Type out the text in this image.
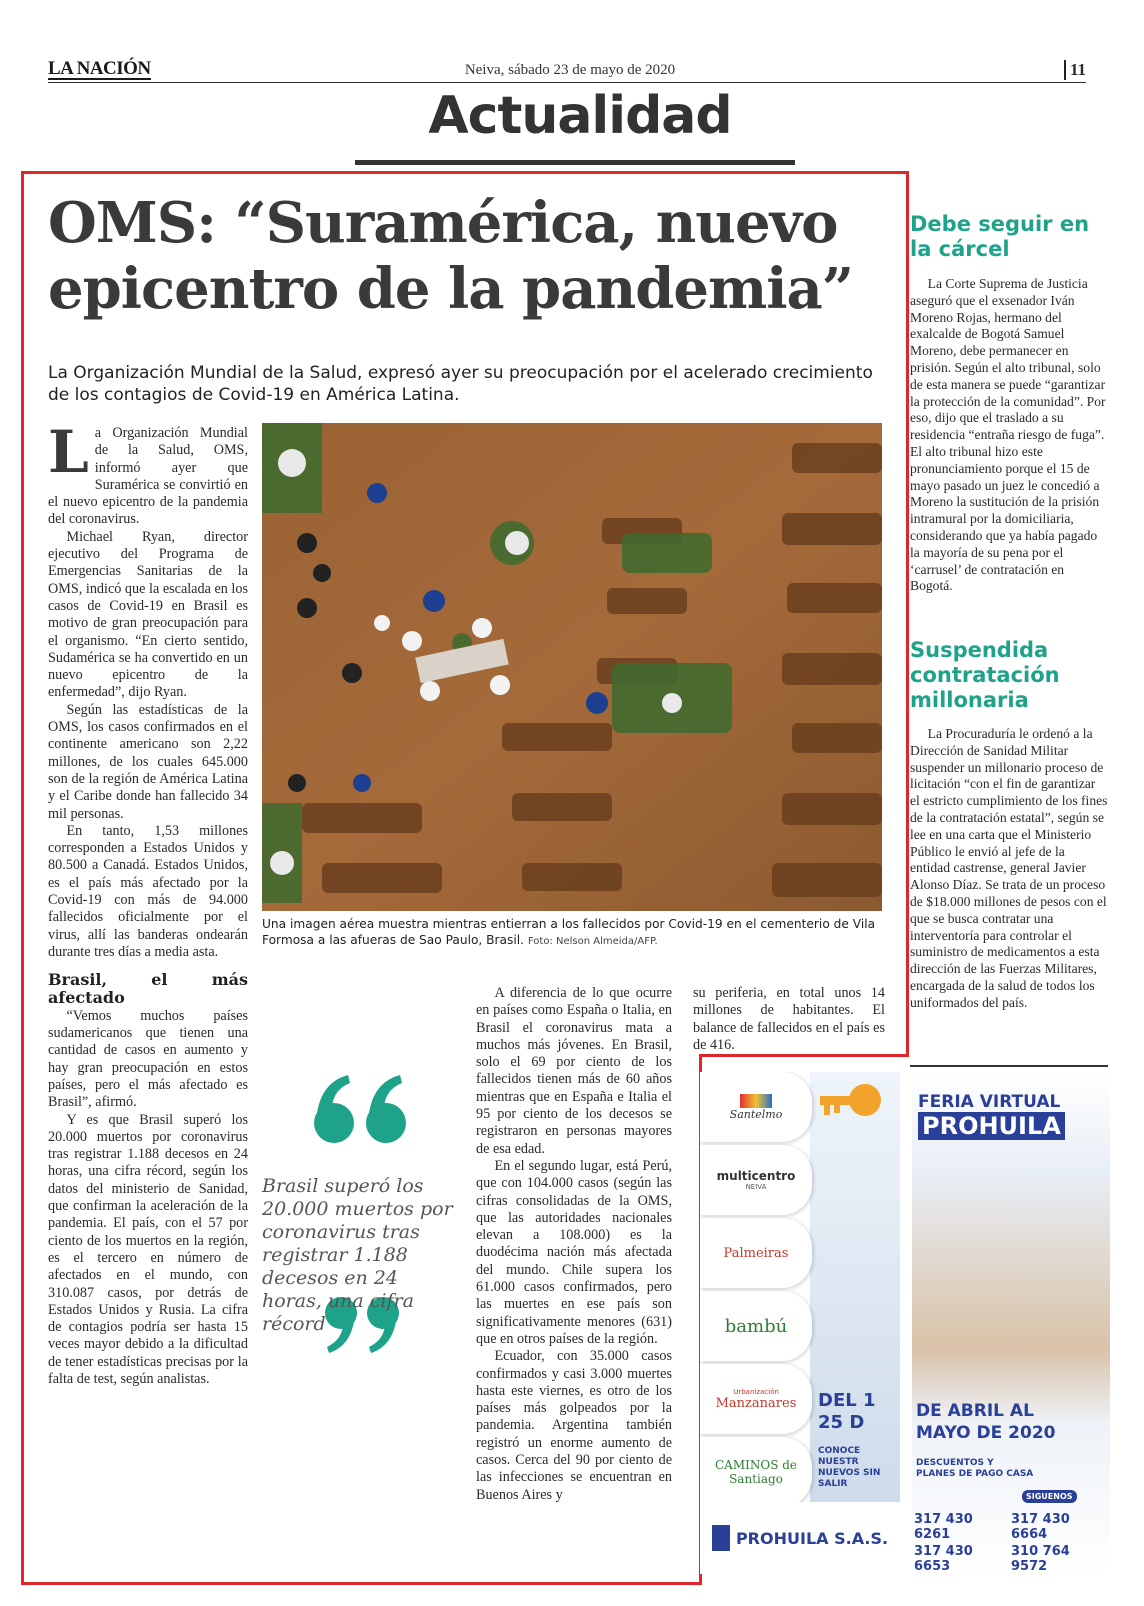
LA NACIÓN	Neiva, sábado 23 de mayo de 2020	11
Actualidad
OMS: “Suramérica, nuevo epicentro de la pandemia”
La Organización Mundial de la Salud, expresó ayer su preocupación por el acelerado crecimiento de los contagios de Covid-19 en América Latina.
L a Organización Mundial de la Salud, OMS, informó ayer que Suramérica se convirtió en el nuevo epicentro de la pandemia del coronavirus.

Michael Ryan, director ejecutivo del Programa de Emergencias Sanitarias de la OMS, indicó que la escalada en los casos de Covid-19 en Brasil es motivo de gran preocupación para el organismo. “En cierto sentido, Sudamérica se ha convertido en un nuevo epicentro de la enfermedad”, dijo Ryan.

Según las estadísticas de la OMS, los casos confirmados en el continente americano son 2,22 millones, de los cuales 645.000 son de la región de América Latina y el Caribe donde han fallecido 34 mil personas.

En tanto, 1,53 millones corresponden a Estados Unidos y 80.500 a Canadá. Estados Unidos, es el país más afectado por la Covid-19 con más de 94.000 fallecidos oficialmente por el virus, allí las banderas ondearán durante tres días a media asta.

Brasil, el más afectado

“Vemos muchos países sudamericanos que tienen una cantidad de casos en aumento y hay gran preocupación en estos países, pero el más afectado es Brasil”, afirmó.

Y es que Brasil superó los 20.000 muertos por coronavirus tras registrar 1.188 decesos en 24 horas, una cifra récord, según los datos del ministerio de Sanidad, que confirman la aceleración de la pandemia. El país, con el 57 por ciento de los muertos en la región, es el tercero en número de afectados en el mundo, con 310.087 casos, por detrás de Estados Unidos y Rusia. La cifra de contagios podría ser hasta 15 veces mayor debido a la dificultad de tener estadísticas precisas por la falta de test, según analistas.

Una imagen aérea muestra mientras entierran a los fallecidos por Covid-19 en el cementerio de Vila Formosa a las afueras de Sao Paulo, Brasil. Foto: Nelson Almeida/AFP.
Brasil superó los 20.000 muertos por coronavirus tras registrar 1.188 decesos en 24 horas, una cifra récord

A diferencia de lo que ocurre en países como España o Italia, en Brasil el coronavirus mata a muchos más jóvenes. En Brasil, solo el 69 por ciento de los fallecidos tienen más de 60 años mientras que en España e Italia el 95 por ciento de los decesos se registraron en personas mayores de esa edad.

En el segundo lugar, está Perú, que con 104.000 casos (según las cifras consolidadas de la OMS, que las autoridades nacionales elevan a 108.000) es la duodécima nación más afectada del mundo. Chile supera los 61.000 casos confirmados, pero las muertes en ese país son significativamente menores (631) que en otros países de la región.

Ecuador, con 35.000 casos confirmados y casi 3.000 muertes hasta este viernes, es otro de los países más golpeados por la pandemia. Argentina también registró un enorme aumento de casos. Cerca del 90 por ciento de las infecciones se encuentran en Buenos Aires y

su periferia, en total unos 14 millones de habitantes. El balance de fallecidos en el país es de 416.

Debe seguir en la cárcel

La Corte Suprema de Justicia aseguró que el exsenador Iván Moreno Rojas, hermano del exalcalde de Bogotá Samuel Moreno, debe permanecer en prisión. Según el alto tribunal, solo de esta manera se puede “garantizar la protección de la comunidad”. Por eso, dijo que el traslado a su residencia “entraña riesgo de fuga”. El alto tribunal hizo este pronunciamiento porque el 15 de mayo pasado un juez le concedió a Moreno la sustitución de la prisión intramural por la domiciliaria, considerando que ya había pagado la mayoría de su pena por el ‘carrusel’ de contratación en Bogotá.

Suspendida contratación millonaria

La Procuraduría le ordenó a la Dirección de Sanidad Militar suspender un millonario proceso de licitación “con el fin de garantizar el estricto cumplimiento de los fines de la contratación estatal”, según se lee en una carta que el Ministerio Público le envió al jefe de la entidad castrense, general Javier Alonso Díaz. Se trata de un proceso de $18.000 millones de pesos con el que se busca contratar una interventoría para controlar el suministro de medicamentos a esta dirección de las Fuerzas Militares, encargada de la salud de todos los uniformados del país.

Santelmo
multicentro
NEIVA
Palmeiras
bambú
Urbanización
Manzanares
CAMINOS de Santiago
DEL 1 25 D
CONOCE NUESTR NUEVOS SIN SALIR
PROHUILA S.A.S.
FERIA VIRTUAL
PROHUILA
DE ABRIL AL MAYO DE 2020
DESCUENTOS Y PLANES DE PAGO CASA
SIGUENOS
317 430 6261
317 430 6664
317 430 6653
310 764 9572
